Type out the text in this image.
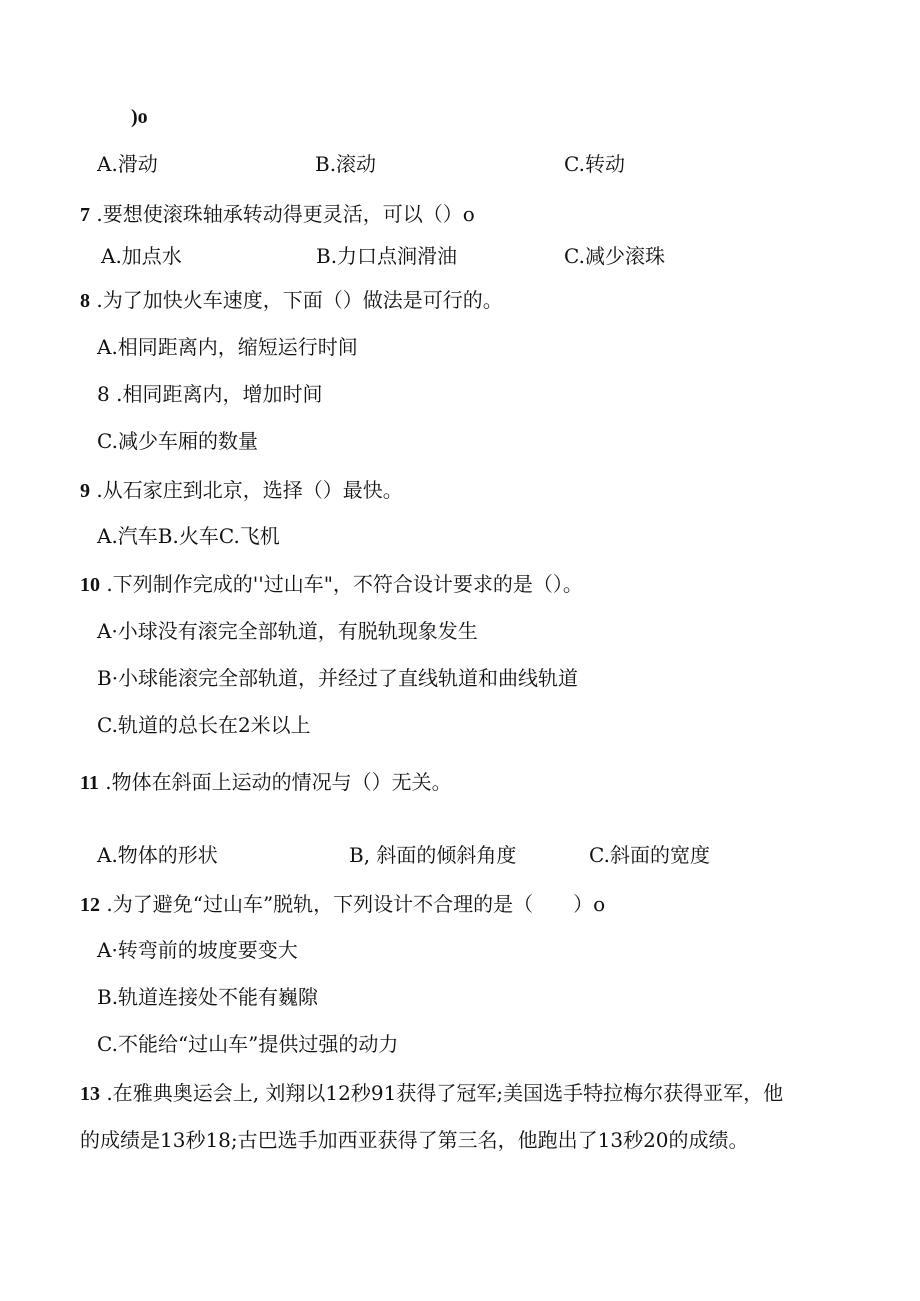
)o
A.滑动	B.滚动	C.转动
7 .要想使滚珠轴承转动得更灵活，可以（）o
A.加点水	B.力口点涧滑油	C.减少滚珠
8 .为了加快火车速度，下面（）做法是可行的。
A.相同距离内，缩短运行时间
8 .相同距离内，增加时间
C.减少车厢的数量
9 .从石家庄到北京，选择（）最快。
A.汽车B.火车C.飞机
10 .下列制作完成的''过山车"，不符合设计要求的是（）。
A·小球没有滚完全部轨道，有脱轨现象发生
B·小球能滚完全部轨道，并经过了直线轨道和曲线轨道
C.轨道的总长在2米以上
11 .物体在斜面上运动的情况与（）无关。
A.物体的形状	B, 斜面的倾斜角度	C.斜面的宽度
12 .为了避免“过山车”脱轨，下列设计不合理的是（　　）o
A·转弯前的坡度要变大
B.轨道连接处不能有巍隙
C.不能给“过山车”提供过强的动力
13 .在雅典奥运会上, 刘翔以12秒91获得了冠军;美国选手特拉梅尔获得亚军，他
的成绩是13秒18;古巴选手加西亚获得了第三名，他跑出了13秒20的成绩。
